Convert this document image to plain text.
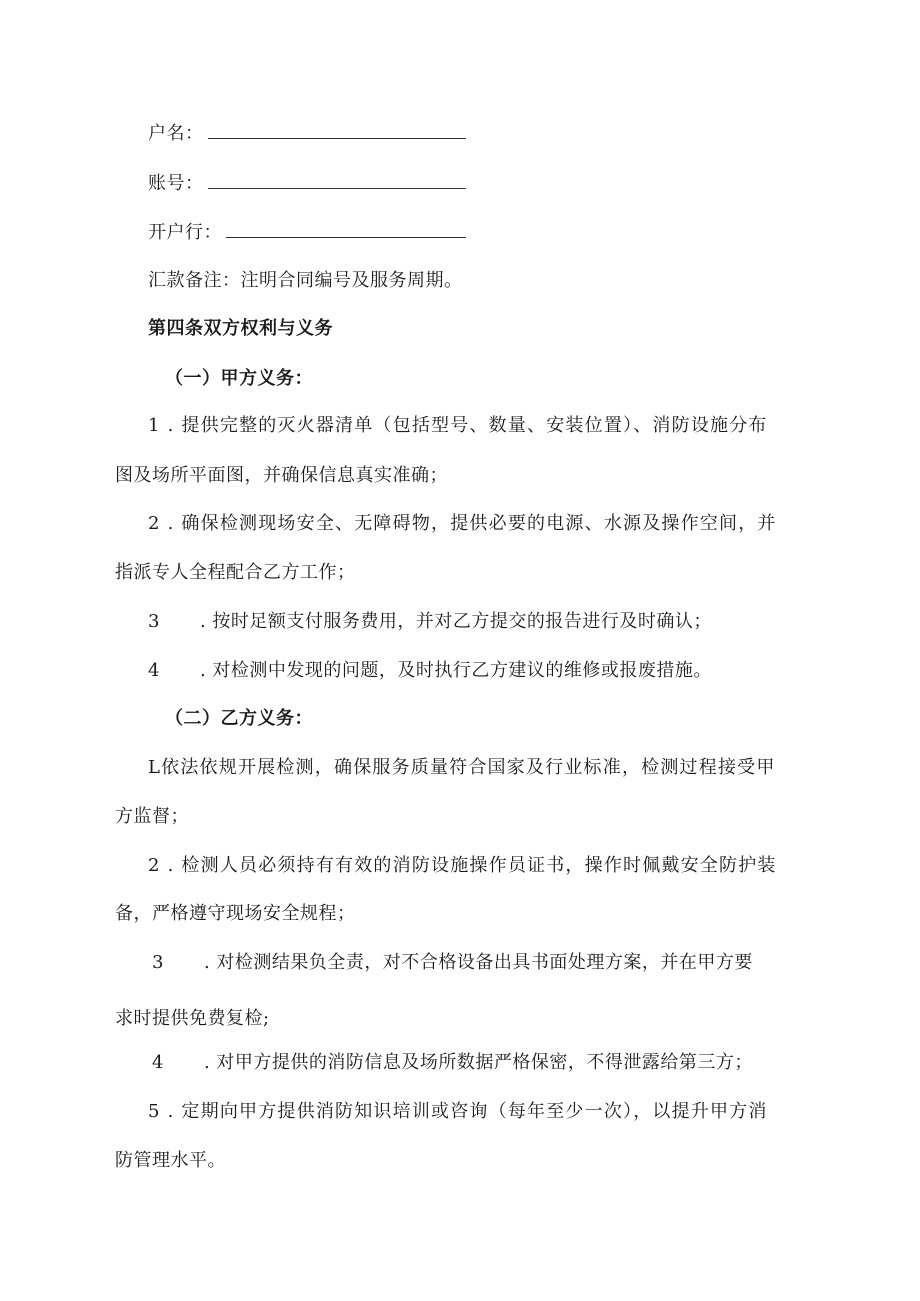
户名：
账号：
开户行：
汇款备注：注明合同编号及服务周期。
第四条双方权利与义务
（一）甲方义务：
1 . 提供完整的灭火器清单（包括型号、数量、安装位置）、消防设施分布
图及场所平面图，并确保信息真实准确；
2 . 确保检测现场安全、无障碍物，提供必要的电源、水源及操作空间，并
指派专人全程配合乙方工作；
3 . 按时足额支付服务费用，并对乙方提交的报告进行及时确认；
4 . 对检测中发现的问题，及时执行乙方建议的维修或报废措施。
（二）乙方义务：
L依法依规开展检测，确保服务质量符合国家及行业标准，检测过程接受甲
方监督；
2 . 检测人员必须持有有效的消防设施操作员证书，操作时佩戴安全防护装
备，严格遵守现场安全规程；
3 . 对检测结果负全责，对不合格设备出具书面处理方案，并在甲方要
求时提供免费复检;
4 . 对甲方提供的消防信息及场所数据严格保密，不得泄露给第三方；
5 . 定期向甲方提供消防知识培训或咨询（每年至少一次），以提升甲方消
防管理水平。
